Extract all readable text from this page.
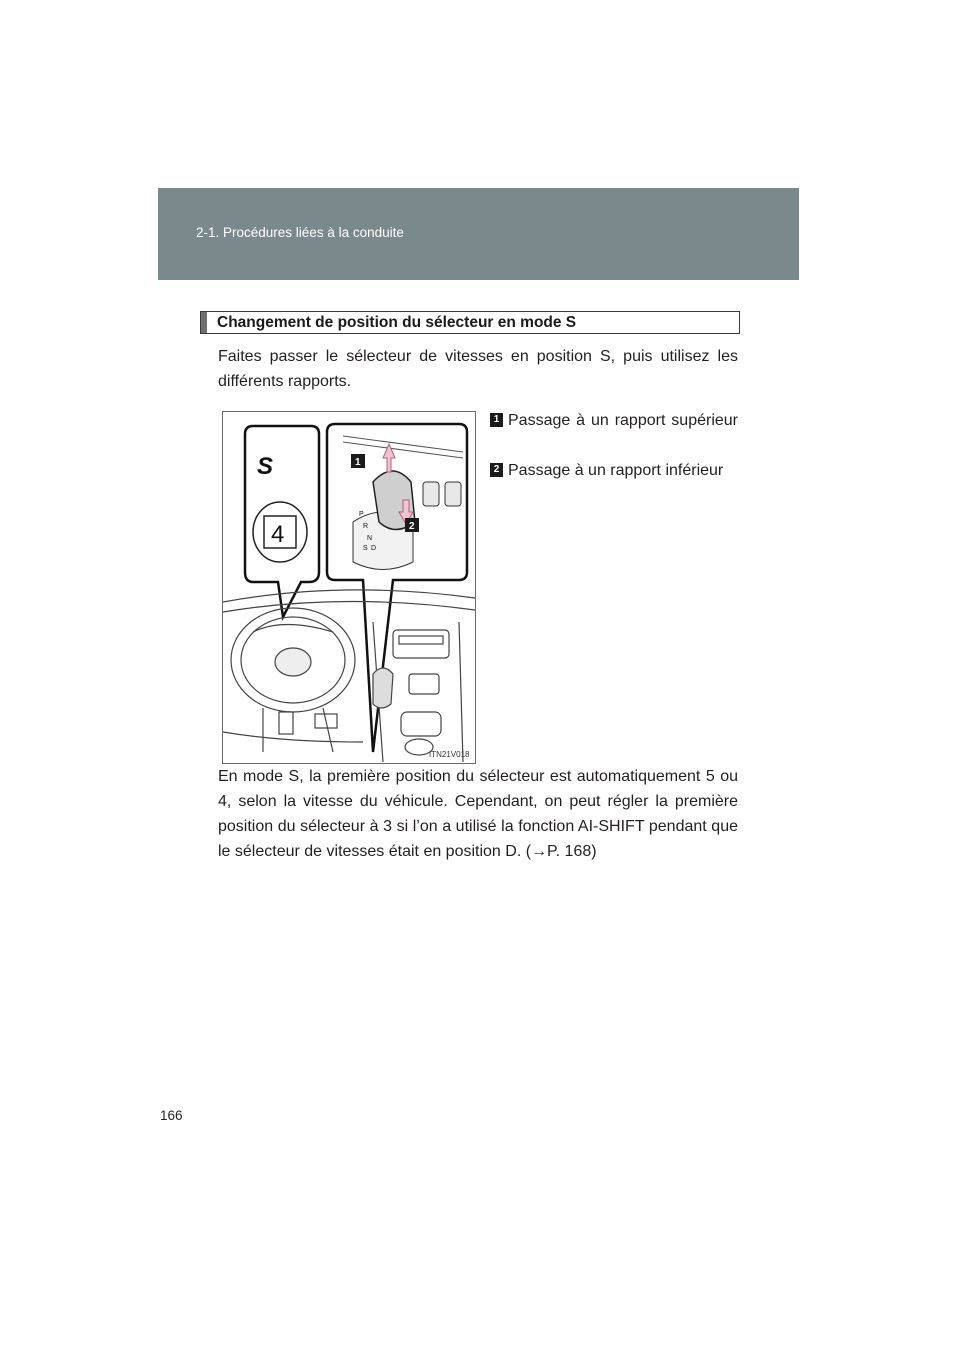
2-1. Procédures liées à la conduite
Changement de position du sélecteur en mode S
Faites passer le sélecteur de vitesses en position S, puis utilisez les différents rapports.
S
4
P
R
N
S D
1
2
ITN21V018
1 Passage à un rapport supérieur
2 Passage à un rapport inférieur
En mode S, la première position du sélecteur est automatiquement 5 ou 4, selon la vitesse du véhicule. Cependant, on peut régler la première position du sélecteur à 3 si l’on a utilisé la fonction AI-SHIFT pendant que le sélecteur de vitesses était en position D. (→P. 168)
166
